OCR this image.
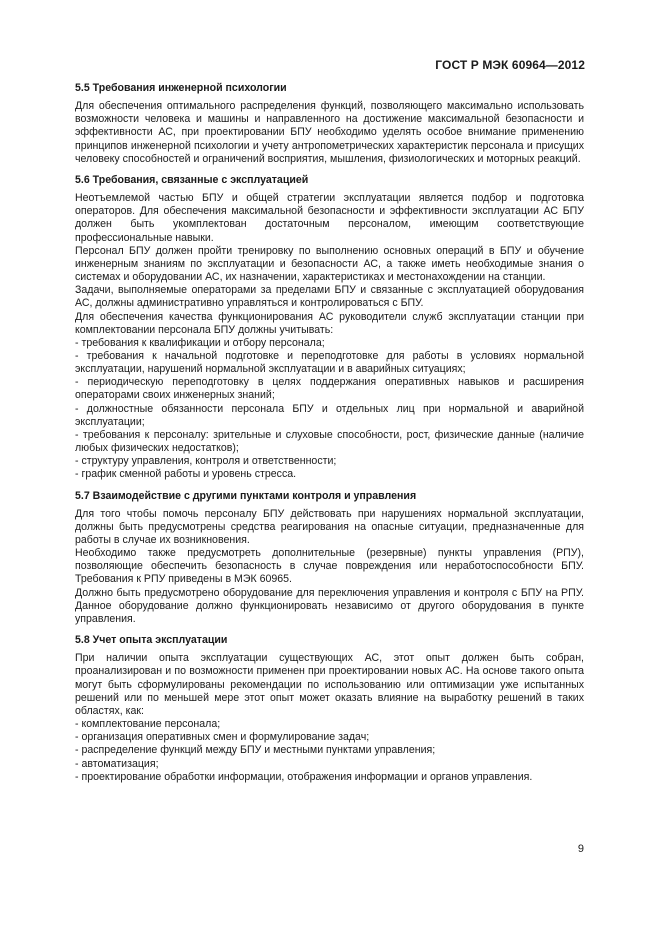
ГОСТ Р МЭК 60964—2012
5.5 Требования инженерной психологии

Для обеспечения оптимального распределения функций, позволяющего максимально использовать возможности человека и машины и направленного на достижение максимальной безопасности и эффективности АС, при проектировании БПУ необходимо уделять особое внимание применению принципов инженерной психологии и учету антропометрических характеристик персонала и присущих человеку способностей и ограничений восприятия, мышления, физиологических и моторных реакций.

5.6 Требования, связанные с эксплуатацией

Неотъемлемой частью БПУ и общей стратегии эксплуатации является подбор и подготовка операторов. Для обеспечения максимальной безопасности и эффективности эксплуатации АС БПУ должен быть укомплектован достаточным персоналом, имеющим соответствующие профессиональные навыки.

Персонал БПУ должен пройти тренировку по выполнению основных операций в БПУ и обучение инженерным знаниям по эксплуатации и безопасности АС, а также иметь необходимые знания о системах и оборудовании АС, их назначении, характеристиках и местонахождении на станции.

Задачи, выполняемые операторами за пределами БПУ и связанные с эксплуатацией оборудования АС, должны административно управляться и контролироваться с БПУ.

Для обеспечения качества функционирования АС руководители служб эксплуатации станции при комплектовании персонала БПУ должны учитывать:

- требования к квалификации и отбору персонала;
- требования к начальной подготовке и переподготовке для работы в условиях нормальной эксплуатации, нарушений нормальной эксплуатации и в аварийных ситуациях;
- периодическую переподготовку в целях поддержания оперативных навыков и расширения операторами своих инженерных знаний;
- должностные обязанности персонала БПУ и отдельных лиц при нормальной и аварийной эксплуатации;
- требования к персоналу: зрительные и слуховые способности, рост, физические данные (наличие любых физических недостатков);
- структуру управления, контроля и ответственности;
- график сменной работы и уровень стресса.
5.7 Взаимодействие с другими пунктами контроля и управления

Для того чтобы помочь персоналу БПУ действовать при нарушениях нормальной эксплуатации, должны быть предусмотрены средства реагирования на опасные ситуации, предназначенные для работы в случае их возникновения.

Необходимо также предусмотреть дополнительные (резервные) пункты управления (РПУ), позволяющие обеспечить безопасность в случае повреждения или неработоспособности БПУ. Требования к РПУ приведены в МЭК 60965.

Должно быть предусмотрено оборудование для переключения управления и контроля с БПУ на РПУ. Данное оборудование должно функционировать независимо от другого оборудования в пункте управления.

5.8 Учет опыта эксплуатации

При наличии опыта эксплуатации существующих АС, этот опыт должен быть собран, проанализирован и по возможности применен при проектировании новых АС. На основе такого опыта могут быть сформулированы рекомендации по использованию или оптимизации уже испытанных решений или по меньшей мере этот опыт может оказать влияние на выработку решений в таких областях, как:

- комплектование персонала;
- организация оперативных смен и формулирование задач;
- распределение функций между БПУ и местными пунктами управления;
- автоматизация;
- проектирование обработки информации, отображения информации и органов управления.
9
